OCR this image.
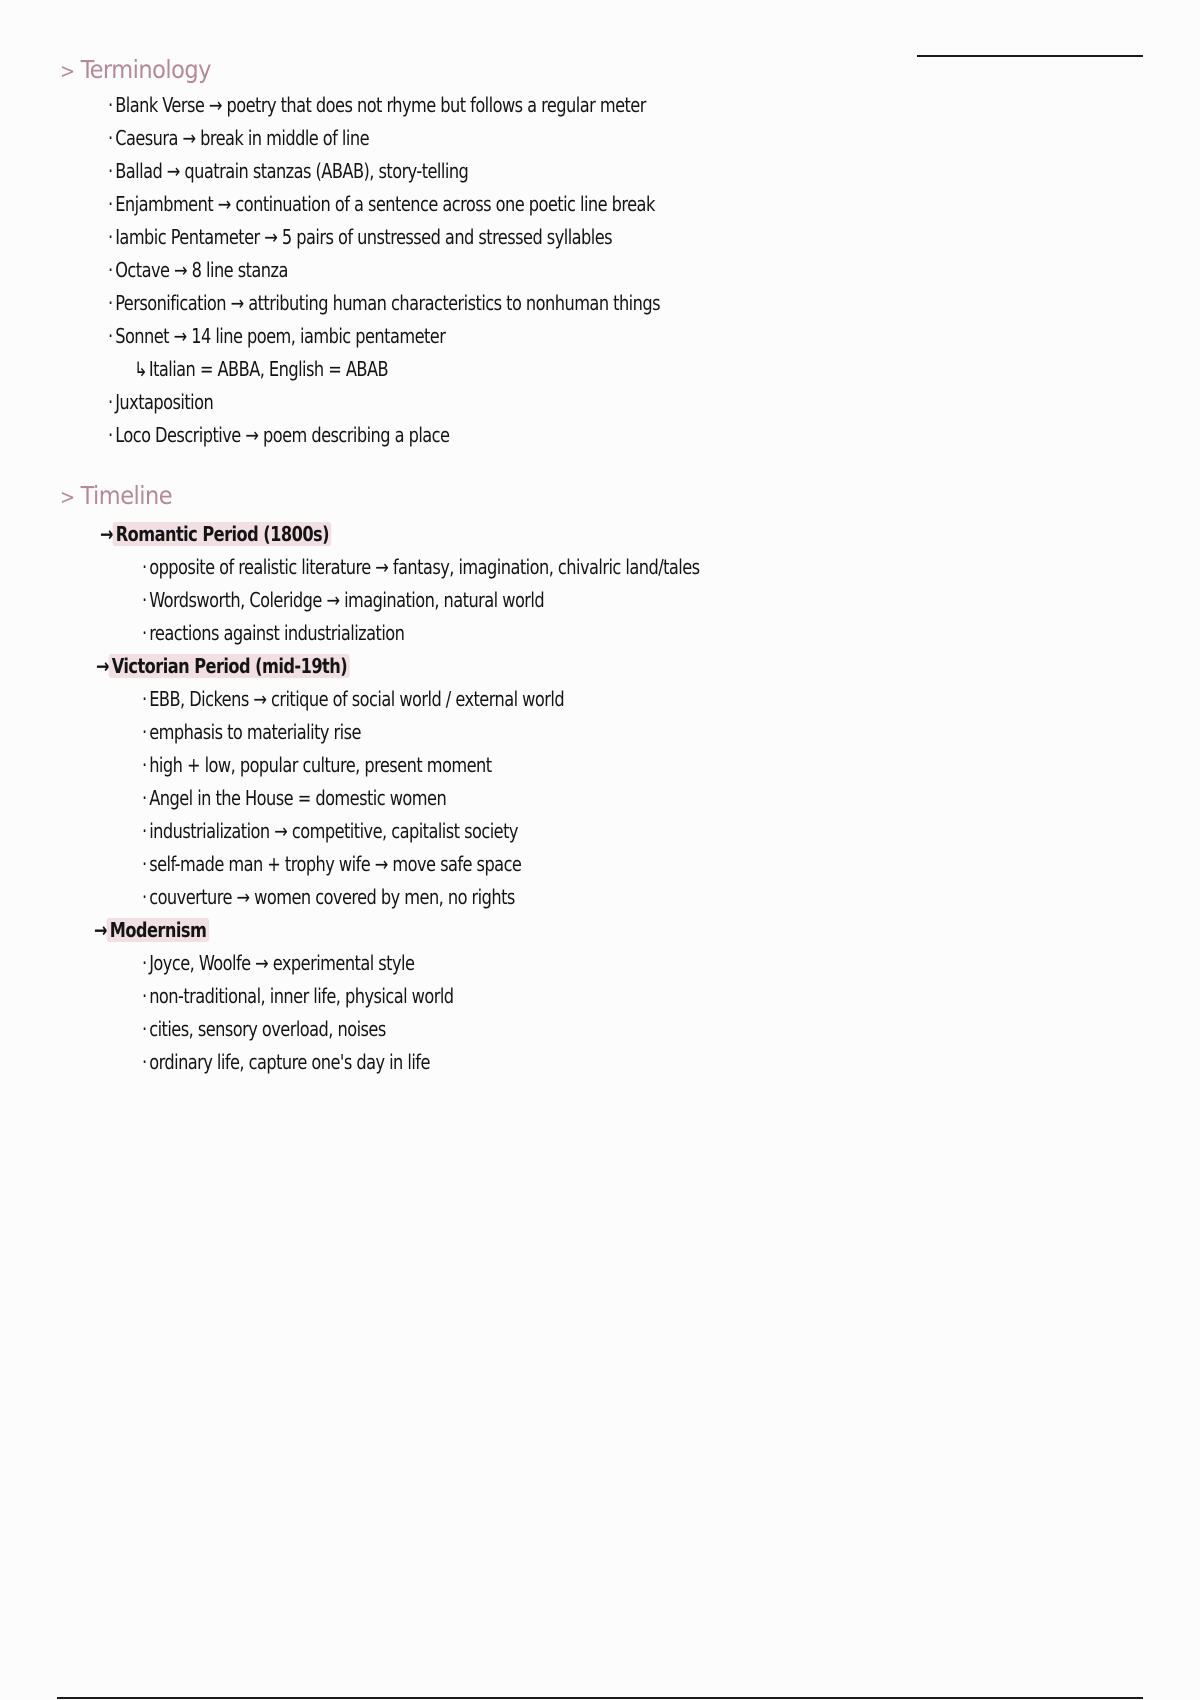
> Terminology
· Blank Verse → poetry that does not rhyme but follows a regular meter
· Caesura → break in middle of line
· Ballad → quatrain stanzas (ABAB), story-telling
· Enjambment → continuation of a sentence across one poetic line break
· Iambic Pentameter → 5 pairs of unstressed and stressed syllables
· Octave → 8 line stanza
· Personification → attributing human characteristics to nonhuman things
· Sonnet → 14 line poem, iambic pentameter
↳Italian = ABBA, English = ABAB
· Juxtaposition
· Loco Descriptive → poem describing a place
> Timeline
→ Romantic Period (1800s)
· opposite of realistic literature → fantasy, imagination, chivalric land/tales
· Wordsworth, Coleridge → imagination, natural world
· reactions against industrialization
→ Victorian Period (mid-19th)
· EBB, Dickens → critique of social world / external world
· emphasis to materiality rise
· high + low, popular culture, present moment
· Angel in the House = domestic women
· industrialization → competitive, capitalist society
· self-made man + trophy wife → move safe space
· couverture → women covered by men, no rights
→ Modernism
· Joyce, Woolfe → experimental style
· non-traditional, inner life, physical world
· cities, sensory overload, noises
· ordinary life, capture one's day in life
